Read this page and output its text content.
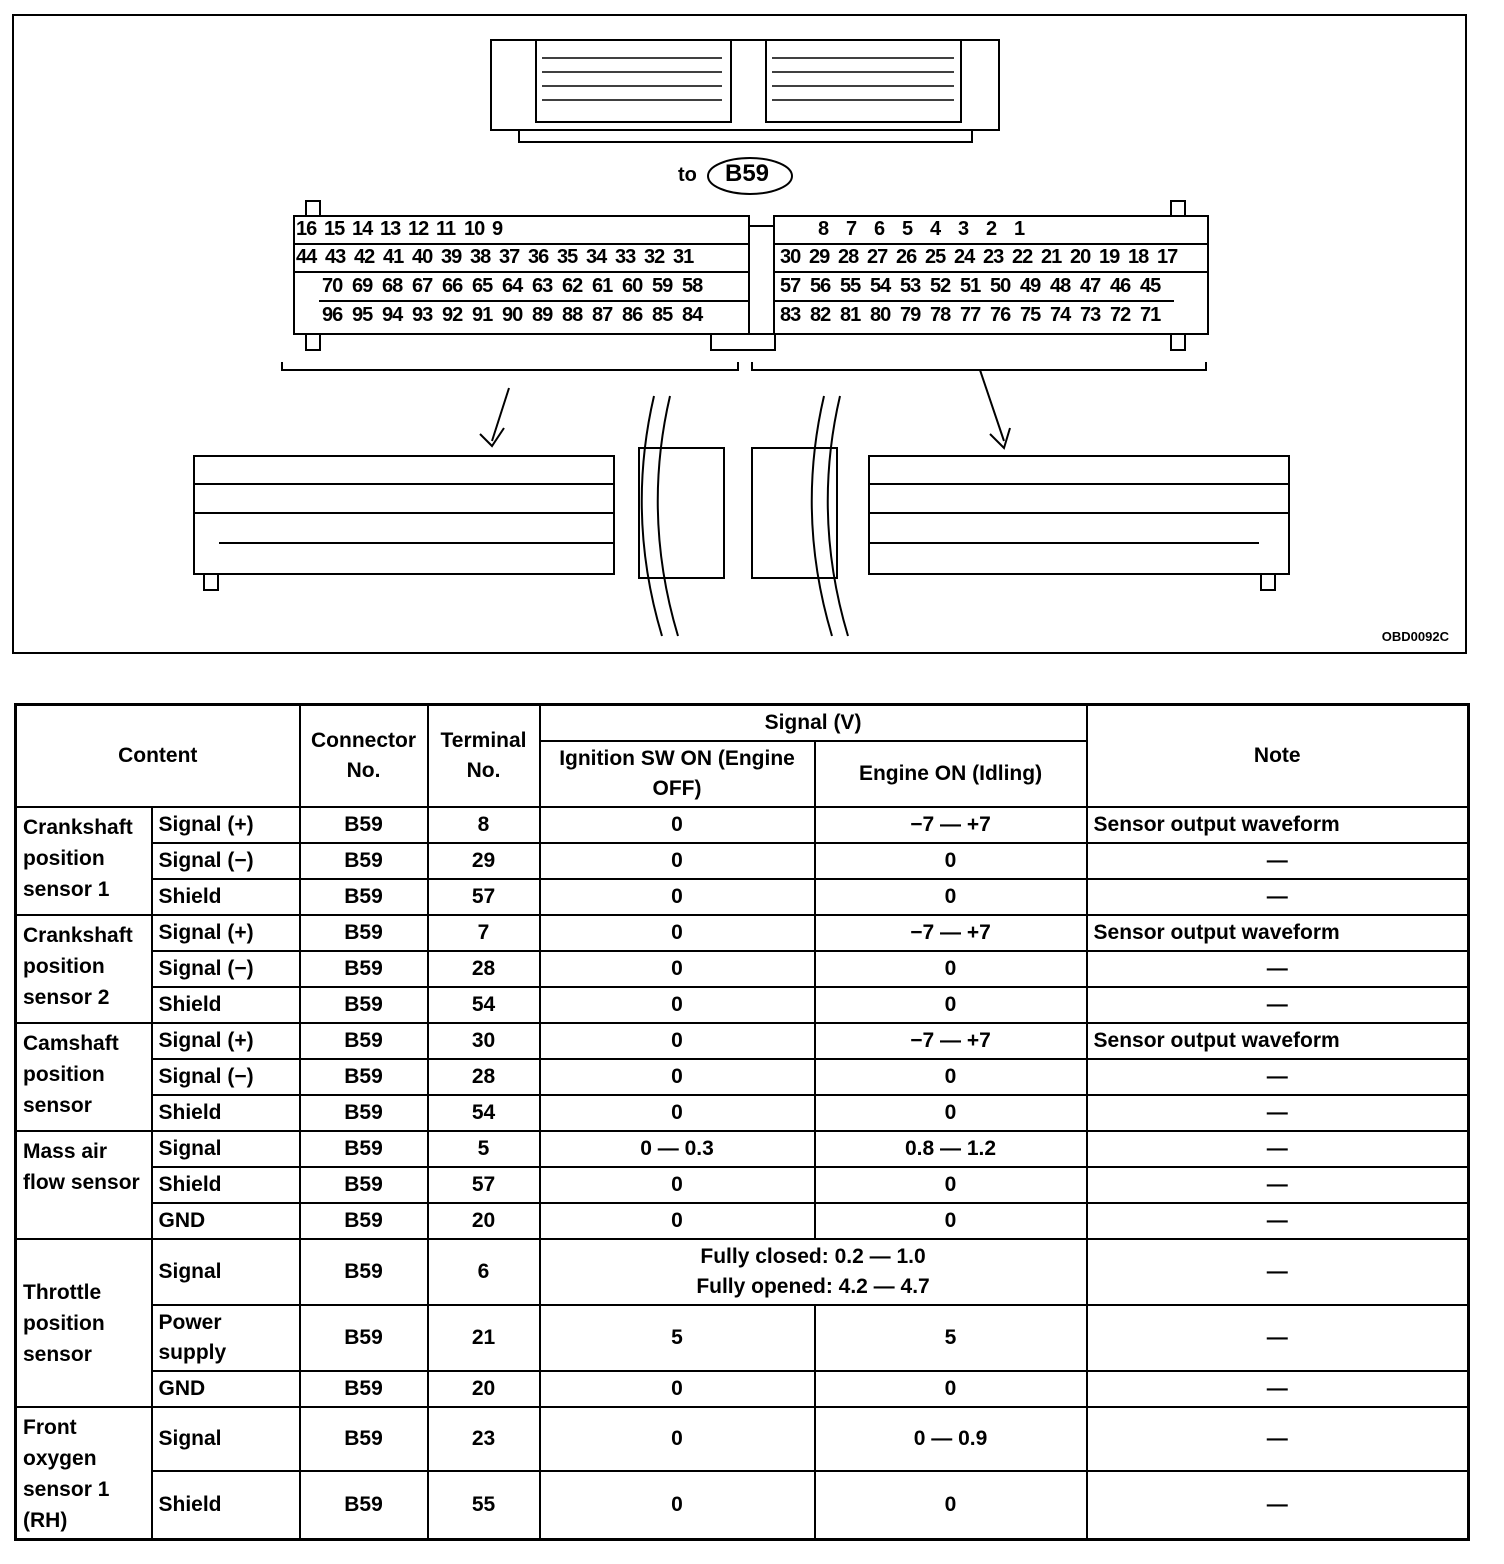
to B59
16 15 14 13 12 11 10 9	8 7 6 5 4 3 2 1
44 43 42 41 40 39 38 37 36 35 34 33 32 31	30 29 28 27 26 25 24 23 22 21 20 19 18 17
70 69 68 67 66 65 64 63 62 61 60 59 58	57 56 55 54 53 52 51 50 49 48 47 46 45
96 95 94 93 92 91 90 89 88 87 86 85 84	83 82 81 80 79 78 77 76 75 74 73 72 71
OBD0092C
Content		Connector No.	Terminal No.	Signal (V)		Note
				Ignition SW ON (Engine OFF)	Engine ON (Idling)	
Crankshaft position sensor 1	Signal (+)	B59	8	0	−7 — +7	Sensor output waveform
	Signal (−)	B59	29	0	0	—
	Shield	B59	57	0	0	—
Crankshaft position sensor 2	Signal (+)	B59	7	0	−7 — +7	Sensor output waveform
	Signal (−)	B59	28	0	0	—
	Shield	B59	54	0	0	—
Camshaft position sensor	Signal (+)	B59	30	0	−7 — +7	Sensor output waveform
	Signal (−)	B59	28	0	0	—
	Shield	B59	54	0	0	—
Mass air flow sensor	Signal	B59	5	0 — 0.3	0.8 — 1.2	—
	Shield	B59	57	0	0	—
	GND	B59	20	0	0	—
Throttle position sensor	Signal	B59	6	Fully closed: 0.2 — 1.0
Fully opened: 4.2 — 4.7		—
	Power supply	B59	21	5	5	—
	GND	B59	20	0	0	—
Front oxygen sensor 1 (RH)	Signal	B59	23	0	0 — 0.9	—
	Shield	B59	55	0	0	—
